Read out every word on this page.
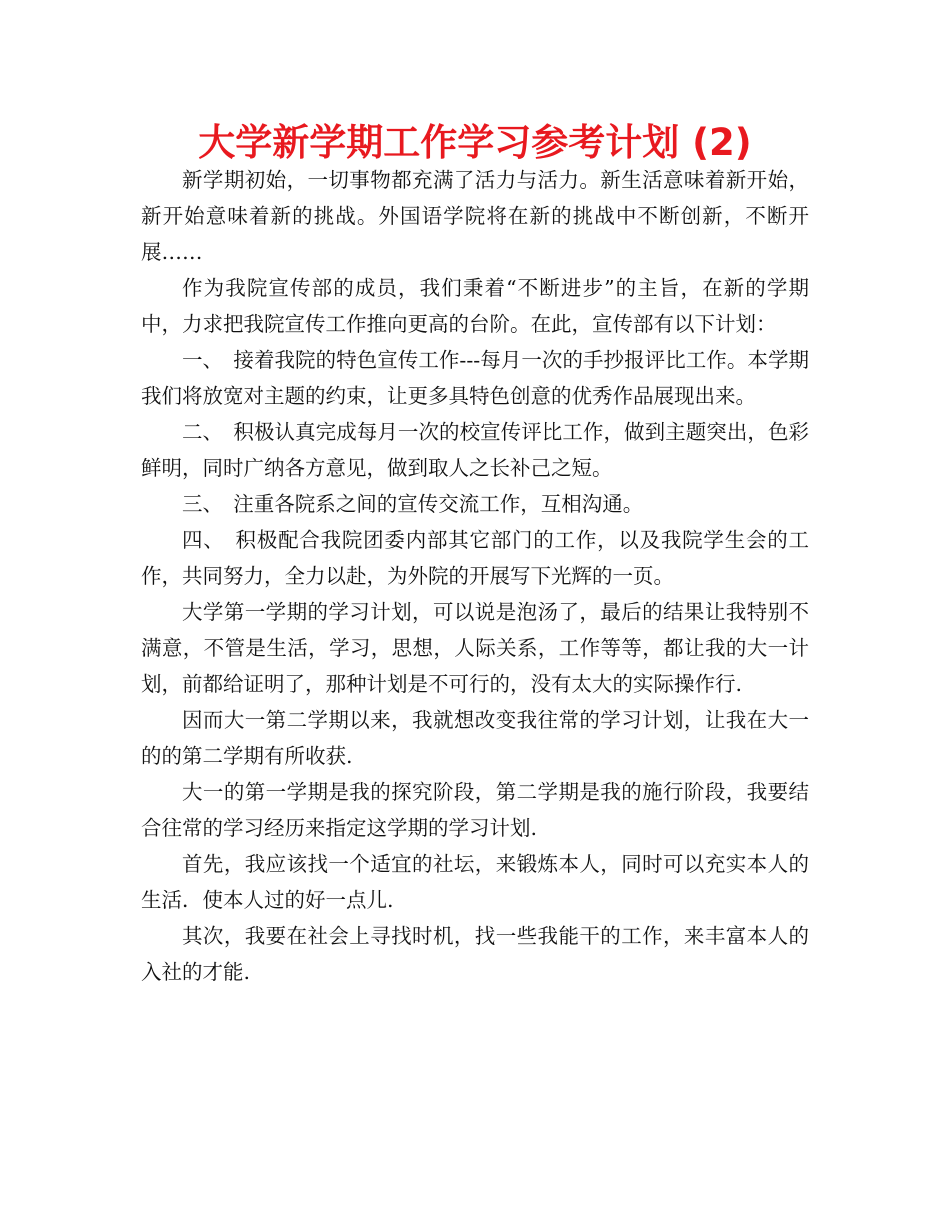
大学新学期工作学习参考计划 (2)

新学期初始，一切事物都充满了活力与活力。新生活意味着新开始，新开始意味着新的挑战。外国语学院将在新的挑战中不断创新，不断开展……

作为我院宣传部的成员，我们秉着“不断进步”的主旨，在新的学期中，力求把我院宣传工作推向更高的台阶。在此，宣传部有以下计划：

一、　接着我院的特色宣传工作---每月一次的手抄报评比工作。本学期我们将放宽对主题的约束，让更多具特色创意的优秀作品展现出来。

二、　积极认真完成每月一次的校宣传评比工作，做到主题突出，色彩鲜明，同时广纳各方意见，做到取人之长补己之短。

三、　注重各院系之间的宣传交流工作，互相沟通。

四、　积极配合我院团委内部其它部门的工作，以及我院学生会的工作，共同努力，全力以赴，为外院的开展写下光辉的一页。

大学第一学期的学习计划，可以说是泡汤了，最后的结果让我特别不满意，不管是生活，学习，思想，人际关系，工作等等，都让我的大一计划，前都给证明了，那种计划是不可行的，没有太大的实际操作行.

因而大一第二学期以来，我就想改变我往常的学习计划，让我在大一的的第二学期有所收获.

大一的第一学期是我的探究阶段，第二学期是我的施行阶段，我要结合往常的学习经历来指定这学期的学习计划.

首先，我应该找一个适宜的社坛，来锻炼本人，同时可以充实本人的生活．使本人过的好一点儿.

其次，我要在社会上寻找时机，找一些我能干的工作，来丰富本人的入社的才能.
